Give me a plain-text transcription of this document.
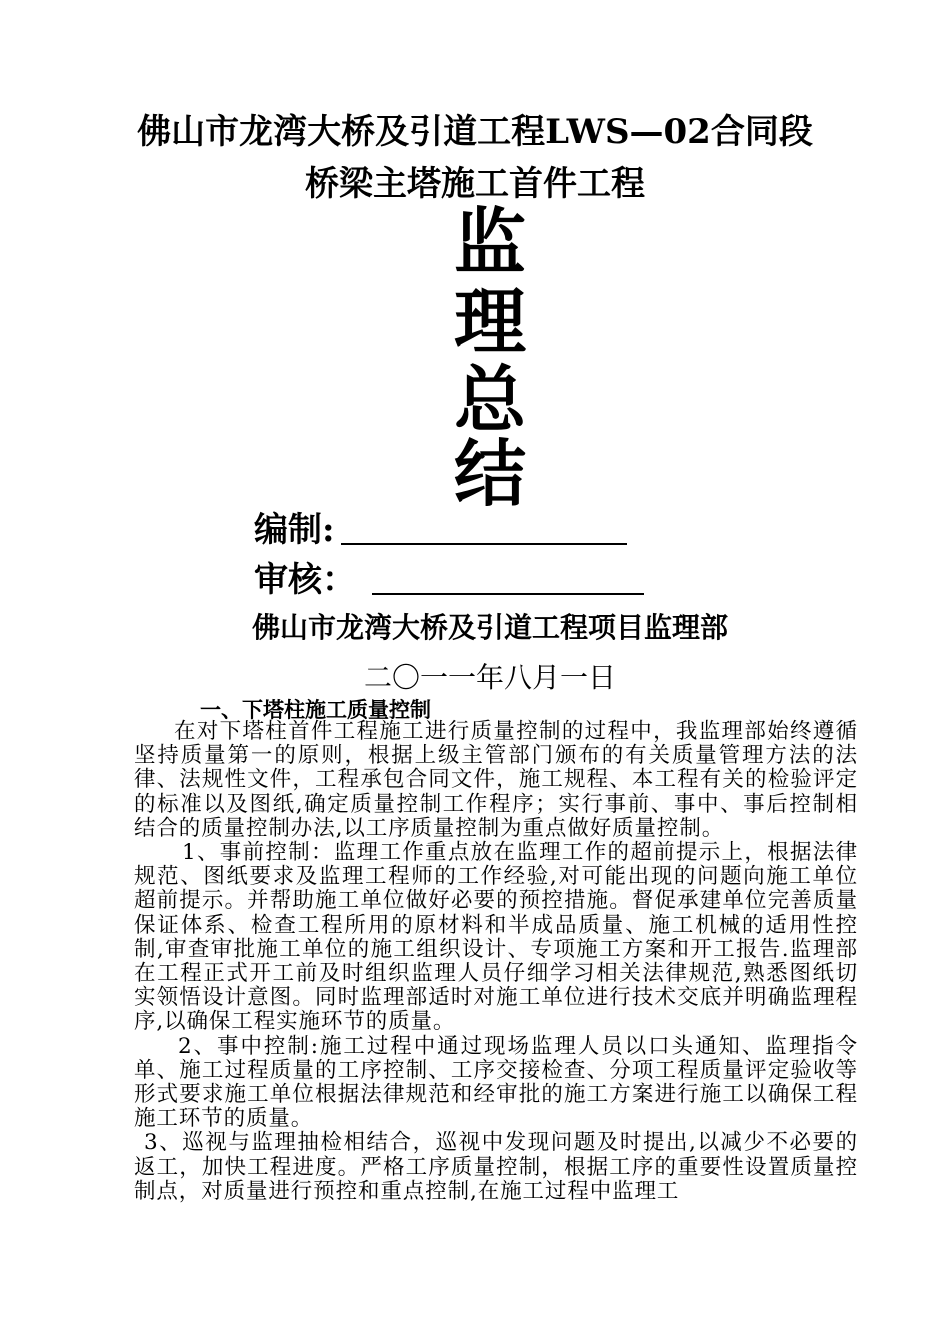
佛山市龙湾大桥及引道工程LWS—02合同段
桥梁主塔施工首件工程
监
理
总
结
编制:
审核：
佛山市龙湾大桥及引道工程项目监理部
二〇一一年八月一日
一、下塔柱施工质量控制

在对下塔柱首件工程施工进行质量控制的过程中，我监理部始终遵循坚持质量第一的原则，根据上级主管部门颁布的有关质量管理方法的法律、法规性文件，工程承包合同文件，施工规程、本工程有关的检验评定的标准以及图纸,确定质量控制工作程序；实行事前、事中、事后控制相结合的质量控制办法,以工序质量控制为重点做好质量控制。

1、事前控制：监理工作重点放在监理工作的超前提示上，根据法律规范、图纸要求及监理工程师的工作经验,对可能出现的问题向施工单位超前提示。并帮助施工单位做好必要的预控措施。督促承建单位完善质量保证体系、检查工程所用的原材料和半成品质量、施工机械的适用性控制,审查审批施工单位的施工组织设计、专项施工方案和开工报告.监理部在工程正式开工前及时组织监理人员仔细学习相关法律规范,熟悉图纸切实领悟设计意图。同时监理部适时对施工单位进行技术交底并明确监理程序,以确保工程实施环节的质量。

2、事中控制:施工过程中通过现场监理人员以口头通知、监理指令单、施工过程质量的工序控制、工序交接检查、分项工程质量评定验收等形式要求施工单位根据法律规范和经审批的施工方案进行施工以确保工程施工环节的质量。

3、巡视与监理抽检相结合，巡视中发现问题及时提出,以减少不必要的返工，加快工程进度。严格工序质量控制，根据工序的重要性设置质量控制点，对质量进行预控和重点控制,在施工过程中监理工
